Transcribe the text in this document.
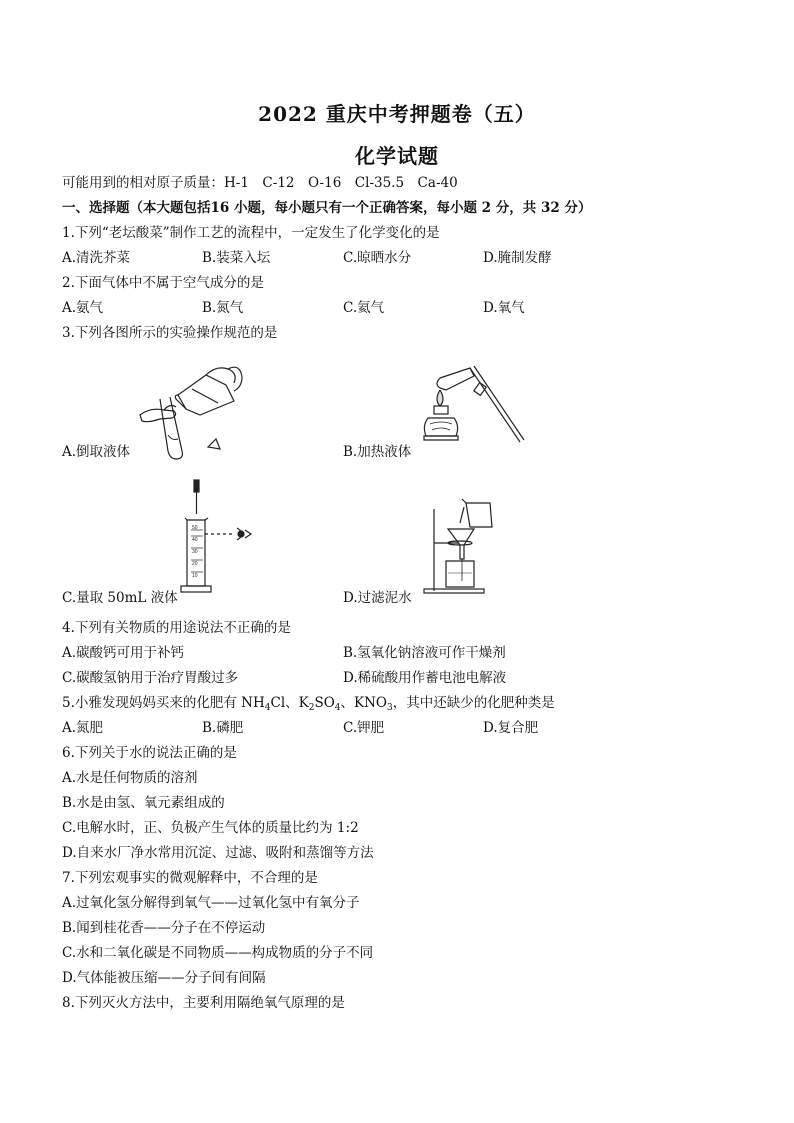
2022 重庆中考押题卷（五）
化学试题
可能用到的相对原子质量：H-1　C-12　O-16　Cl-35.5　Ca-40
一、选择题（本大题包括16 小题，每小题只有一个正确答案，每小题 2 分，共 32 分）
1.下列“老坛酸菜”制作工艺的流程中，一定发生了化学变化的是
A.清洗芥菜	B.装菜入坛	C.晾晒水分	D.腌制发酵
2.下面气体中不属于空气成分的是
A.氨气	B.氮气	C.氦气	D.氧气
3.下列各图所示的实验操作规范的是
A.倒取液体	B.加热液体
50
40
30
20
10
C.量取 50mL 液体	D.过滤泥水
4.下列有关物质的用途说法不正确的是
A.碳酸钙可用于补钙	B.氢氧化钠溶液可作干燥剂
C.碳酸氢钠用于治疗胃酸过多	D.稀硫酸用作蓄电池电解液
5.小雅发现妈妈买来的化肥有 $NH_4Cl$、$K_2SO_4$、$KNO_3$，其中还缺少的化肥种类是
A.氮肥	B.磷肥	C.钾肥	D.复合肥
6.下列关于水的说法正确的是
A.水是任何物质的溶剂
B.水是由氢、氧元素组成的
C.电解水时，正、负极产生气体的质量比约为 1:2
D.自来水厂净水常用沉淀、过滤、吸附和蒸馏等方法
7.下列宏观事实的微观解释中，不合理的是
A.过氧化氢分解得到氧气——过氧化氢中有氧分子
B.闻到桂花香——分子在不停运动
C.水和二氧化碳是不同物质——构成物质的分子不同
D.气体能被压缩——分子间有间隔
8.下列灭火方法中，主要利用隔绝氧气原理的是
